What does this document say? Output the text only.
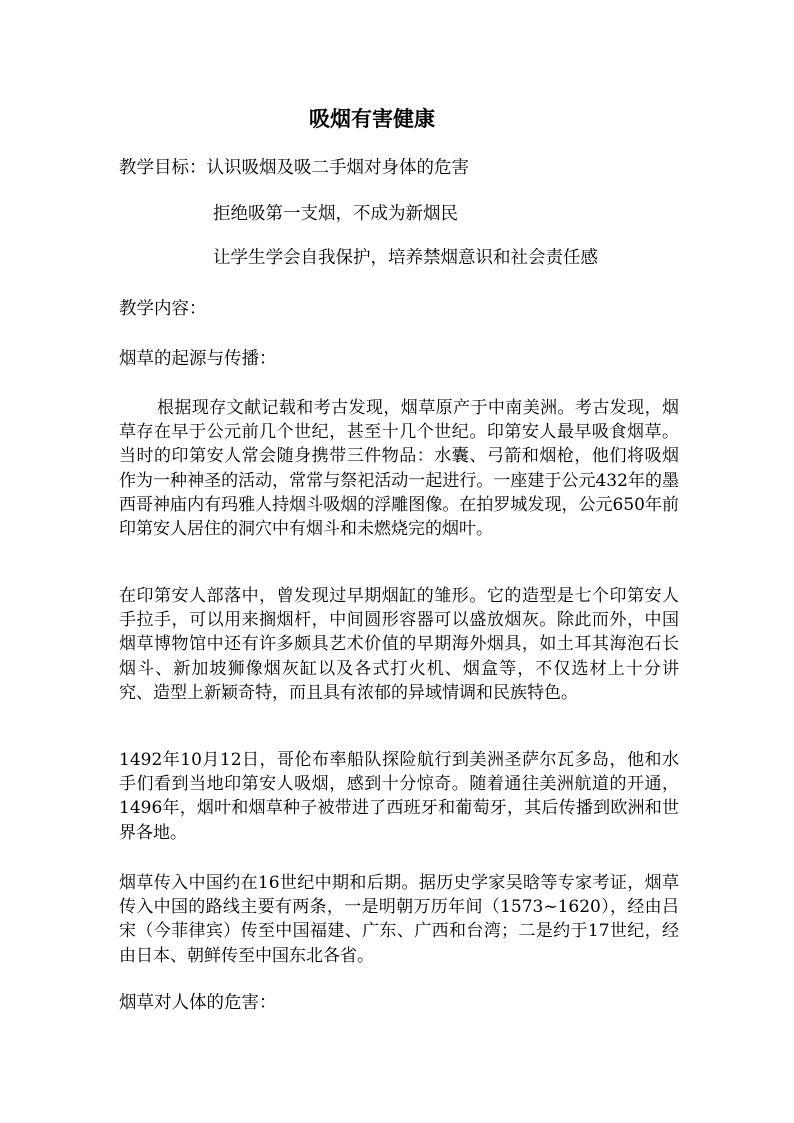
吸烟有害健康
教学目标：认识吸烟及吸二手烟对身体的危害
拒绝吸第一支烟，不成为新烟民
让学生学会自我保护，培养禁烟意识和社会责任感
教学内容：
烟草的起源与传播：
根据现存文献记载和考古发现，烟草原产于中南美洲。考古发现，烟草存在早于公元前几个世纪，甚至十几个世纪。印第安人最早吸食烟草。当时的印第安人常会随身携带三件物品：水囊、弓箭和烟枪，他们将吸烟作为一种神圣的活动，常常与祭祀活动一起进行。一座建于公元432年的墨西哥神庙内有玛雅人持烟斗吸烟的浮雕图像。在拍罗城发现，公元650年前印第安人居住的洞穴中有烟斗和未燃烧完的烟叶。
在印第安人部落中，曾发现过早期烟缸的雏形。它的造型是七个印第安人手拉手，可以用来搁烟杆，中间圆形容器可以盛放烟灰。除此而外，中国烟草博物馆中还有许多颇具艺术价值的早期海外烟具，如土耳其海泡石长烟斗、新加坡狮像烟灰缸以及各式打火机、烟盒等，不仅选材上十分讲究、造型上新颖奇特，而且具有浓郁的异域情调和民族特色。
1492年10月12日，哥伦布率船队探险航行到美洲圣萨尔瓦多岛，他和水手们看到当地印第安人吸烟，感到十分惊奇。随着通往美洲航道的开通，1496年，烟叶和烟草种子被带进了西班牙和葡萄牙，其后传播到欧洲和世界各地。
烟草传入中国约在16世纪中期和后期。据历史学家吴晗等专家考证，烟草传入中国的路线主要有两条，一是明朝万历年间（1573~1620），经由吕宋（今菲律宾）传至中国福建、广东、广西和台湾；二是约于17世纪，经由日本、朝鲜传至中国东北各省。
烟草对人体的危害：
